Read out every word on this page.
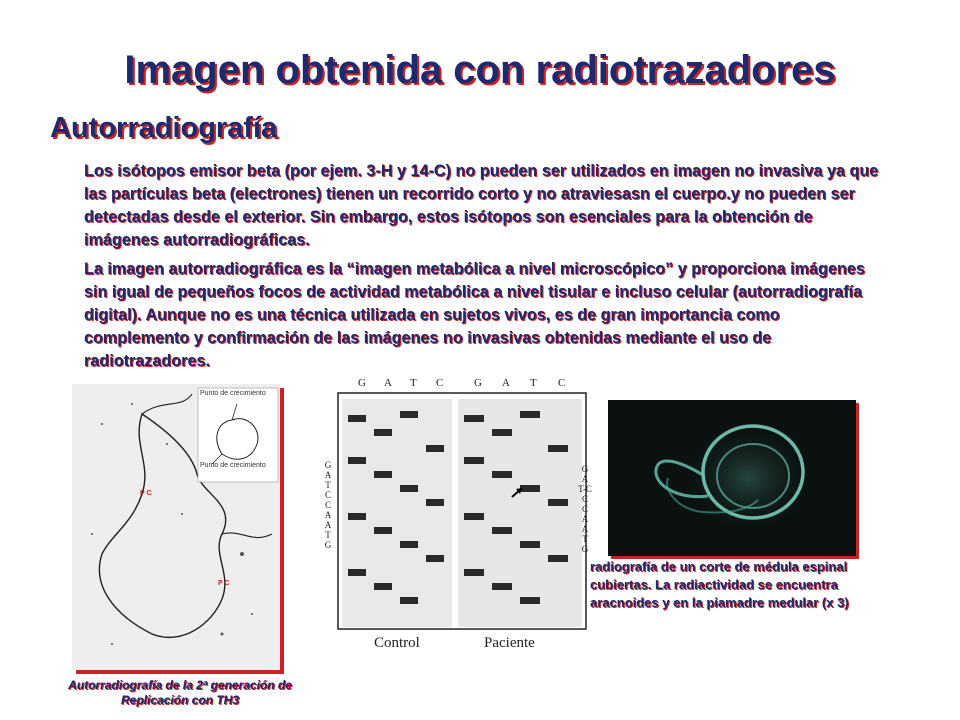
Imagen obtenida con radiotrazadores
Autorradiografía

Los isótopos emisor beta (por ejem. 3-H y 14-C) no pueden ser utilizados en imagen no invasiva ya que las partículas beta (electrones) tienen un recorrido corto y no atraviesasn el cuerpo.y no pueden ser detectadas desde el exterior. Sin embargo, estos isótopos son esenciales para la obtención de imágenes autorradiográficas.

La imagen autorradiográfica es la “imagen metabólica a nivel microscópico” y proporciona imágenes sin igual de pequeños focos de actividad metabólica a nivel tisular e incluso celular (autorradiografía digital). Aunque no es una técnica utilizada en sujetos vivos, es de gran importancia como complemento y confirmación de las imágenes no invasivas obtenidas mediante el uso de radiotrazadores.

Punto de crecimiento
Punto de crecimiento
P C
P C
Autorradiografía de la 2ª generación de
Replicación con TH3
G A T C	G A T C
Control	Paciente
G
A
T
C
C
A
A
T
G
G
A
T-C
C
C
A
A
T
G
radiografía de un corte de médula espinal
cubiertas. La radiactividad se encuentra
aracnoides y en la piamadre medular (x 3)
